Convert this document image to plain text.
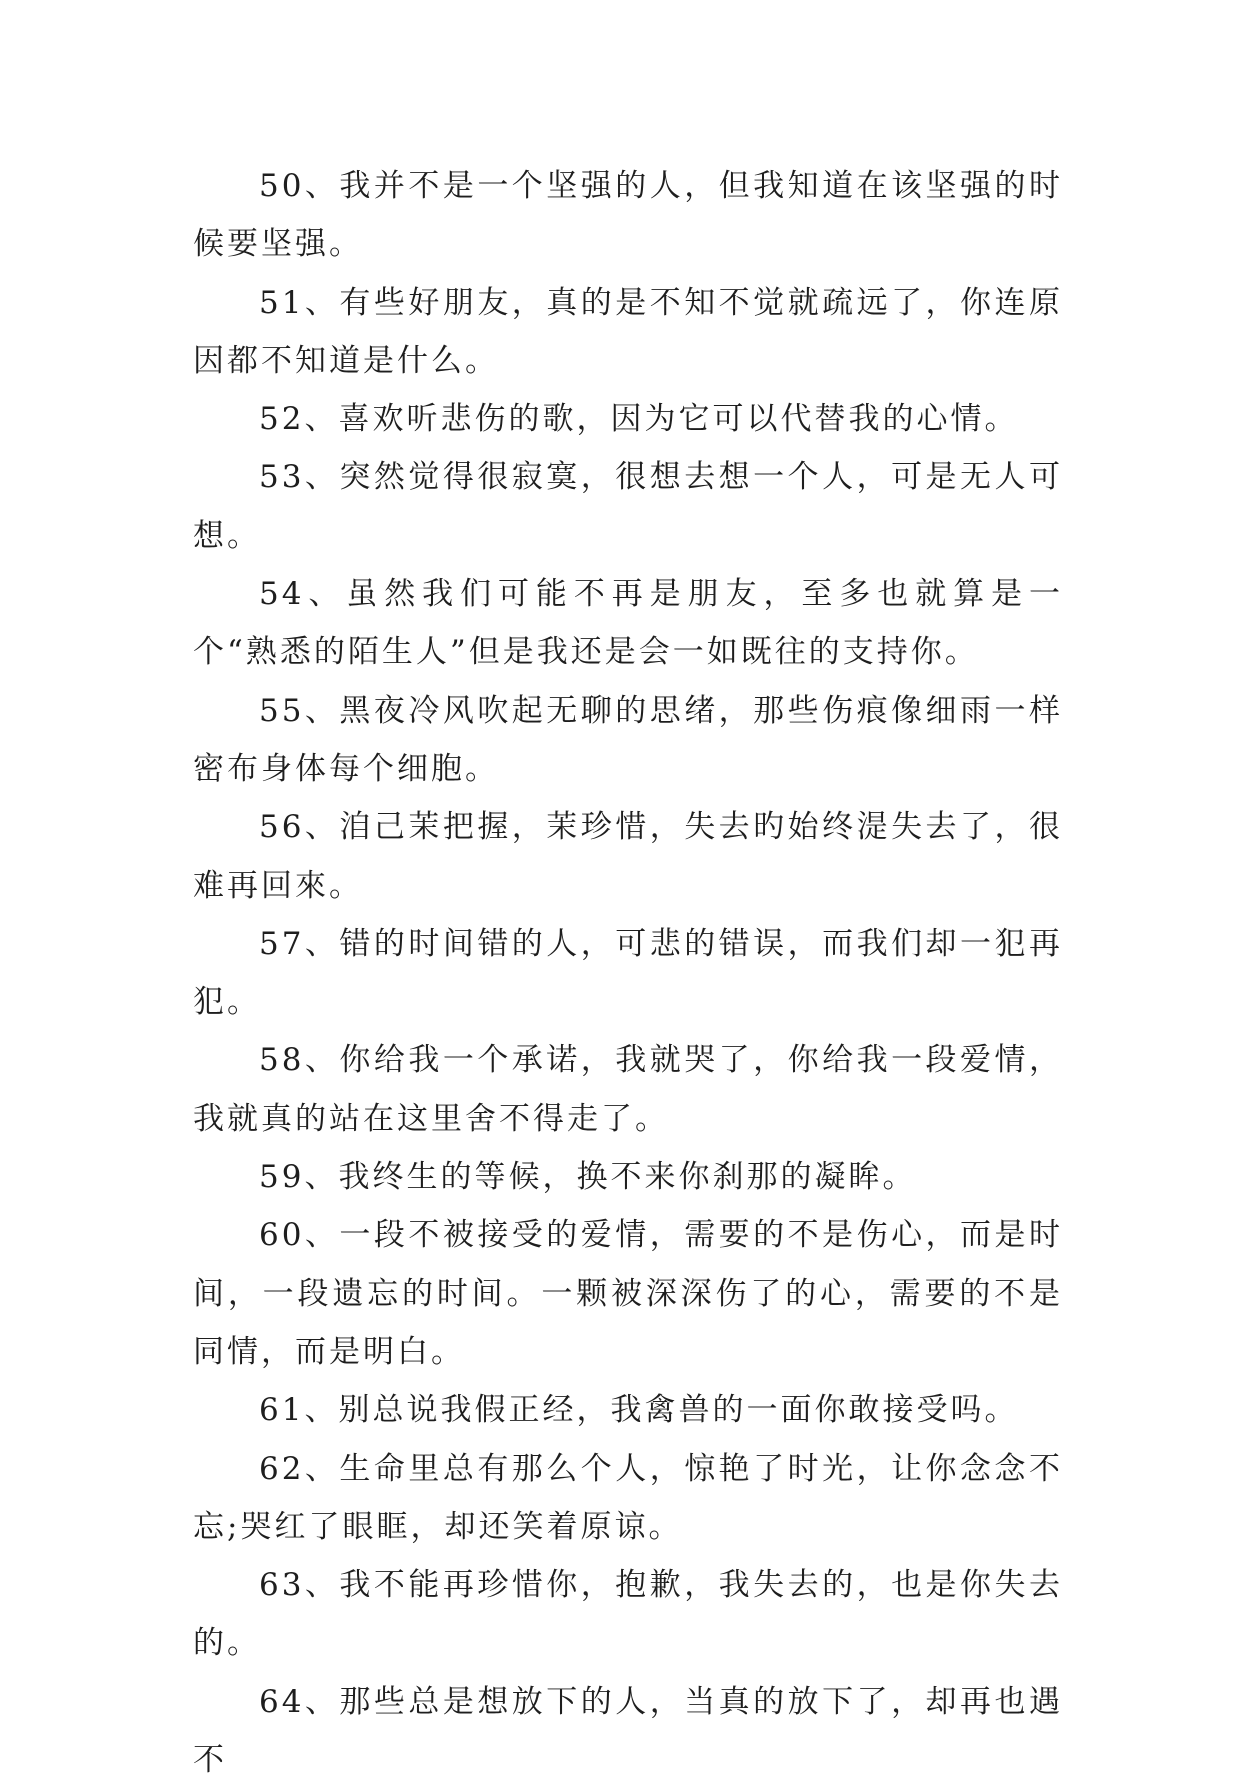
50、我并不是一个坚强的人，但我知道在该坚强的时候要坚强。

51、有些好朋友，真的是不知不觉就疏远了，你连原因都不知道是什么。

52、喜欢听悲伤的歌，因为它可以代替我的心情。

53、突然觉得很寂寞，很想去想一个人，可是无人可想。

54、虽然我们可能不再是朋友，至多也就算是一个“熟悉的陌生人”但是我还是会一如既往的支持你。

55、黑夜冷风吹起无聊的思绪，那些伤痕像细雨一样密布身体每个细胞。

56、洎己茉把握，茉珍惜，失去旳始终湜失去了，很难再回來。

57、错的时间错的人，可悲的错误，而我们却一犯再犯。

58、你给我一个承诺，我就哭了，你给我一段爱情，我就真的站在这里舍不得走了。

59、我终生的等候，换不来你刹那的凝眸。

60、一段不被接受的爱情，需要的不是伤心，而是时间，一段遗忘的时间。一颗被深深伤了的心，需要的不是同情，而是明白。

61、别总说我假正经，我禽兽的一面你敢接受吗。

62、生命里总有那么个人，惊艳了时光，让你念念不忘;哭红了眼眶，却还笑着原谅。

63、我不能再珍惜你，抱歉，我失去的，也是你失去的。

64、那些总是想放下的人，当真的放下了，却再也遇不
